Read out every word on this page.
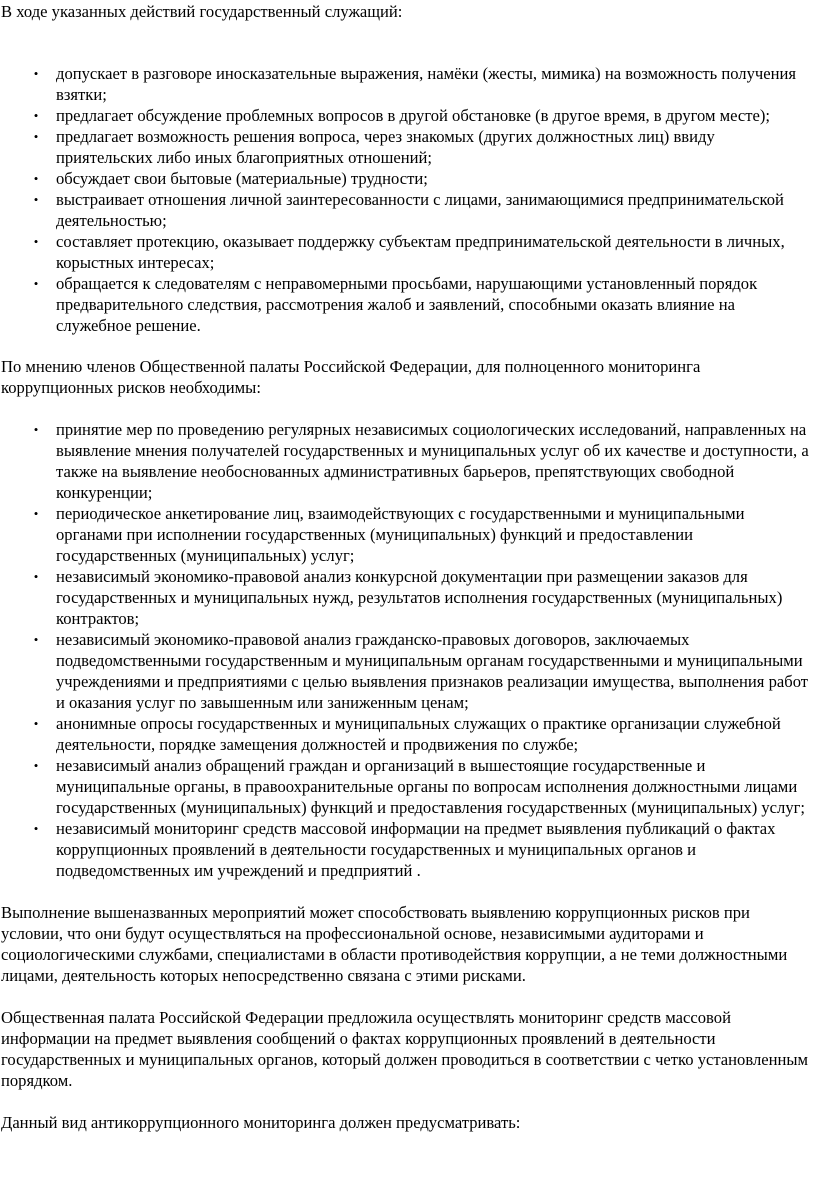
В ходе указанных действий государственный служащий:

• допускает в разговоре иносказательные выражения, намёки (жесты, мимика) на возможность получения взятки;
• предлагает обсуждение проблемных вопросов в другой обстановке (в другое время, в другом месте);
• предлагает возможность решения вопроса, через знакомых (других должностных лиц) ввиду приятельских либо иных благоприятных отношений;
• обсуждает свои бытовые (материальные) трудности;
• выстраивает отношения личной заинтересованности с лицами, занимающимися предпринимательской деятельностью;
• составляет протекцию, оказывает поддержку субъектам предпринимательской деятельности в личных, корыстных интересах;
• обращается к следователям с неправомерными просьбами, нарушающими установленный порядок предварительного следствия, рассмотрения жалоб и заявлений, способными оказать влияние на служебное решение.

По мнению членов Общественной палаты Российской Федерации, для полноценного мониторинга коррупционных рисков необходимы:

• принятие мер по проведению регулярных независимых социологических исследований, направленных на выявление мнения получателей государственных и муниципальных услуг об их качестве и доступности, а также на выявление необоснованных административных барьеров, препятствующих свободной конкуренции;
• периодическое анкетирование лиц, взаимодействующих с государственными и муниципальными органами при исполнении государственных (муниципальных) функций и предоставлении государственных (муниципальных) услуг;
• независимый экономико-правовой анализ конкурсной документации при размещении заказов для государственных и муниципальных нужд, результатов исполнения государственных (муниципальных) контрактов;
• независимый экономико-правовой анализ гражданско-правовых договоров, заключаемых подведомственными государственным и муниципальным органам государственными и муниципальными учреждениями и предприятиями с целью выявления признаков реализации имущества, выполнения работ и оказания услуг по завышенным или заниженным ценам;
• анонимные опросы государственных и муниципальных служащих о практике организации служебной деятельности, порядке замещения должностей и продвижения по службе;
• независимый анализ обращений граждан и организаций в вышестоящие государственные и муниципальные органы, в правоохранительные органы по вопросам исполнения должностными лицами государственных (муниципальных) функций и предоставления государственных (муниципальных) услуг;
• независимый мониторинг средств массовой информации на предмет выявления публикаций о фактах коррупционных проявлений в деятельности государственных и муниципальных органов и подведомственных им учреждений и предприятий .

Выполнение вышеназванных мероприятий может способствовать выявлению коррупционных рисков при условии, что они будут осуществляться на профессиональной основе, независимыми аудиторами и социологическими службами, специалистами в области противодействия коррупции, а не теми должностными лицами, деятельность которых непосредственно связана с этими рисками.

Общественная палата Российской Федерации предложила осуществлять мониторинг средств массовой информации на предмет выявления сообщений о фактах коррупционных проявлений в деятельности государственных и муниципальных органов, который должен проводиться в соответствии с четко установленным порядком.

Данный вид антикоррупционного мониторинга должен предусматривать:
